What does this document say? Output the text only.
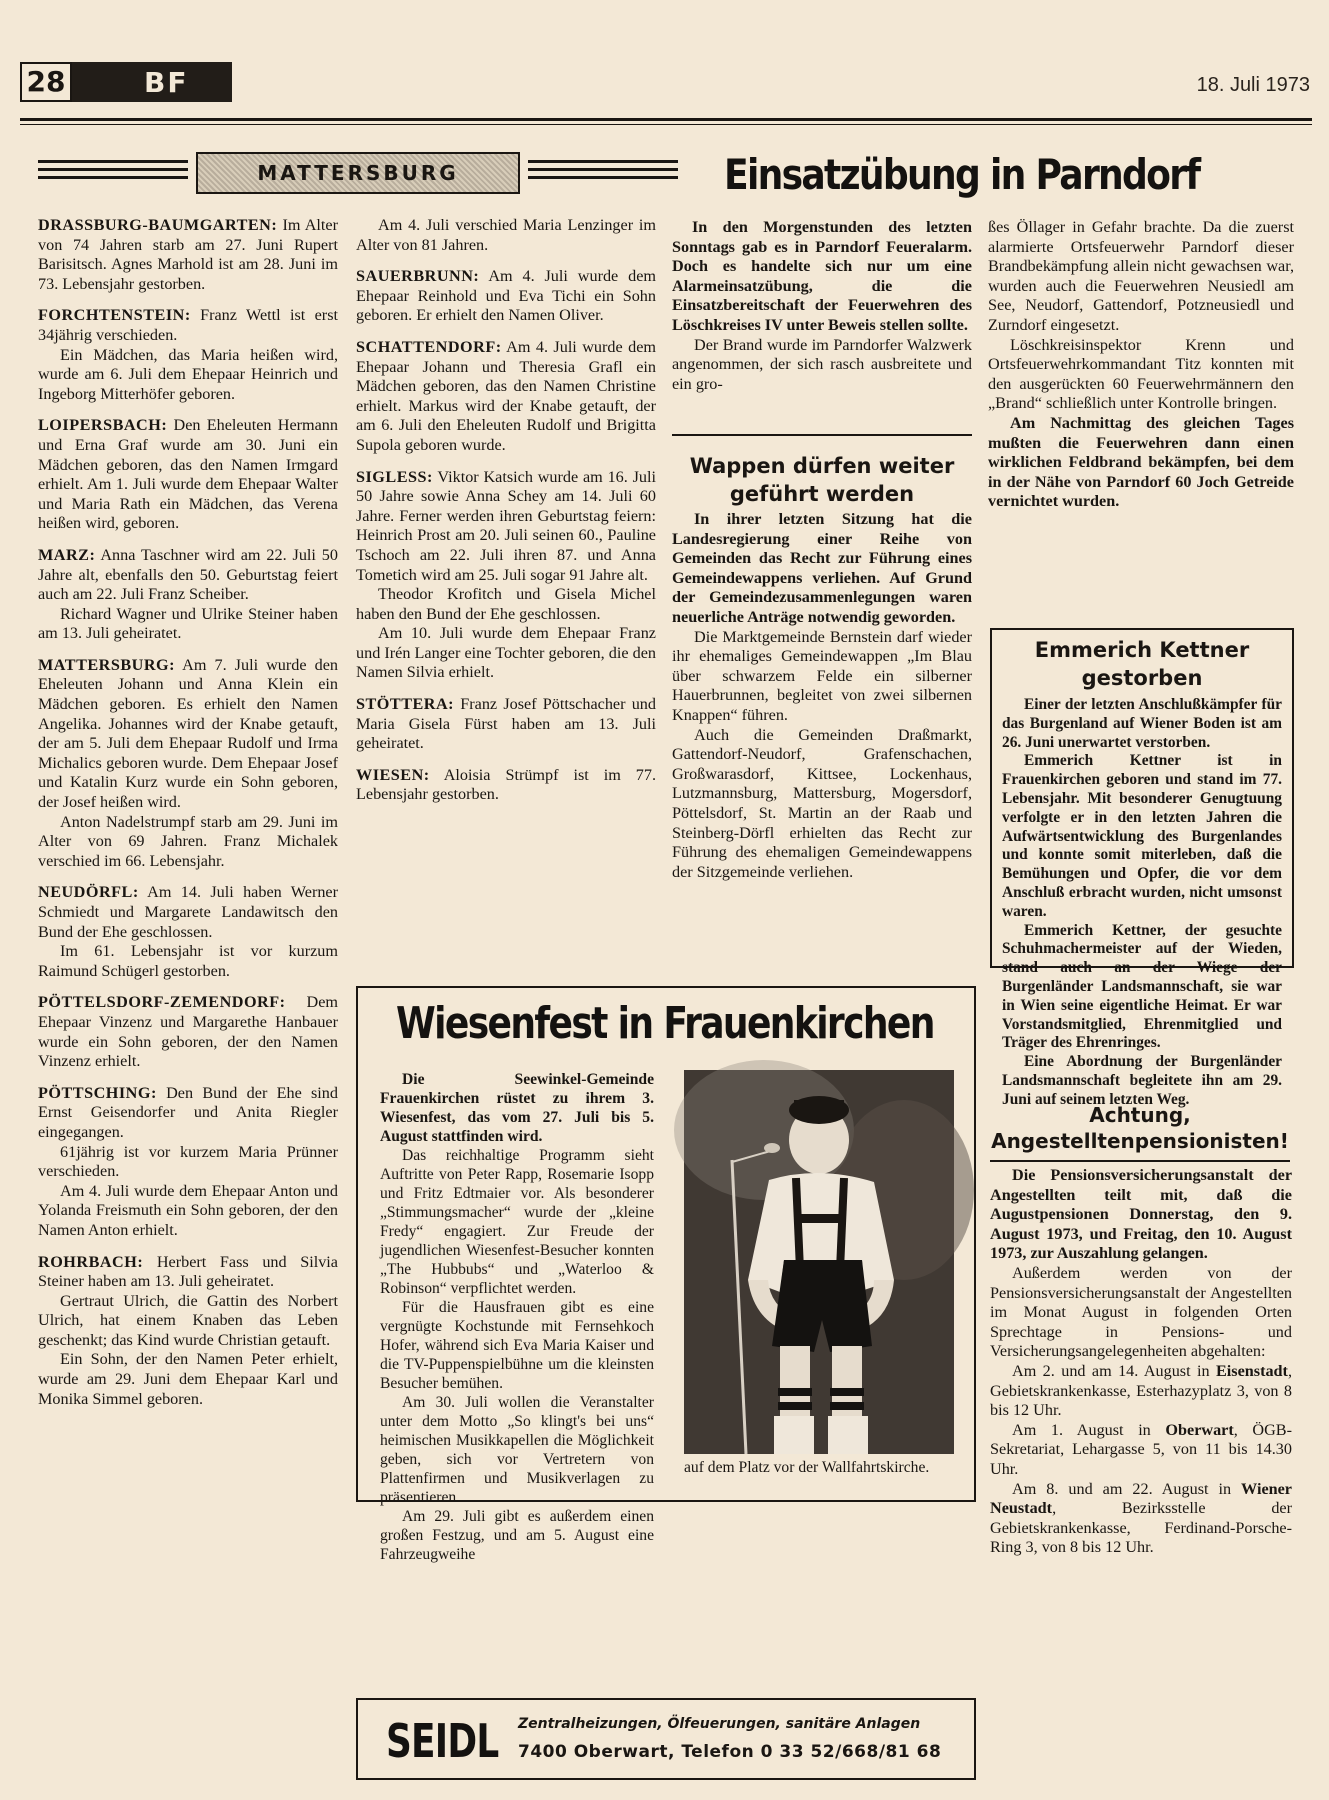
28	BF	18. Juli 1973
MATTERSBURG

DRASSBURG-BAUMGARTEN: Im Alter von 74 Jahren starb am 27. Juni Rupert Barisitsch. Agnes Marhold ist am 28. Juni im 73. Lebensjahr gestorben.

FORCHTENSTEIN: Franz Wettl ist erst 34jährig verschieden.

Ein Mädchen, das Maria heißen wird, wurde am 6. Juli dem Ehepaar Heinrich und Ingeborg Mitterhöfer geboren.

LOIPERSBACH: Den Eheleuten Hermann und Erna Graf wurde am 30. Juni ein Mädchen geboren, das den Namen Irmgard erhielt. Am 1. Juli wurde dem Ehepaar Walter und Maria Rath ein Mädchen, das Verena heißen wird, geboren.

MARZ: Anna Taschner wird am 22. Juli 50 Jahre alt, ebenfalls den 50. Geburtstag feiert auch am 22. Juli Franz Scheiber.

Richard Wagner und Ulrike Steiner haben am 13. Juli geheiratet.

MATTERSBURG: Am 7. Juli wurde den Eheleuten Johann und Anna Klein ein Mädchen geboren. Es erhielt den Namen Angelika. Johannes wird der Knabe getauft, der am 5. Juli dem Ehepaar Rudolf und Irma Michalics geboren wurde. Dem Ehepaar Josef und Katalin Kurz wurde ein Sohn geboren, der Josef heißen wird.

Anton Nadelstrumpf starb am 29. Juni im Alter von 69 Jahren. Franz Michalek verschied im 66. Lebensjahr.

NEUDÖRFL: Am 14. Juli haben Werner Schmiedt und Margarete Landawitsch den Bund der Ehe geschlossen.

Im 61. Lebensjahr ist vor kurzum Raimund Schügerl gestorben.

PÖTTELSDORF-ZEMENDORF: Dem Ehepaar Vinzenz und Margarethe Hanbauer wurde ein Sohn geboren, der den Namen Vinzenz erhielt.

PÖTTSCHING: Den Bund der Ehe sind Ernst Geisendorfer und Anita Riegler eingegangen.

61jährig ist vor kurzem Maria Prünner verschieden.

Am 4. Juli wurde dem Ehepaar Anton und Yolanda Freismuth ein Sohn geboren, der den Namen Anton erhielt.

ROHRBACH: Herbert Fass und Silvia Steiner haben am 13. Juli geheiratet.

Gertraut Ulrich, die Gattin des Norbert Ulrich, hat einem Knaben das Leben geschenkt; das Kind wurde Christian getauft.

Ein Sohn, der den Namen Peter erhielt, wurde am 29. Juni dem Ehepaar Karl und Monika Simmel geboren.

Am 4. Juli verschied Maria Lenzinger im Alter von 81 Jahren.

SAUERBRUNN: Am 4. Juli wurde dem Ehepaar Reinhold und Eva Tichi ein Sohn geboren. Er erhielt den Namen Oliver.

SCHATTENDORF: Am 4. Juli wurde dem Ehepaar Johann und Theresia Grafl ein Mädchen geboren, das den Namen Christine erhielt. Markus wird der Knabe getauft, der am 6. Juli den Eheleuten Rudolf und Brigitta Supola geboren wurde.

SIGLESS: Viktor Katsich wurde am 16. Juli 50 Jahre sowie Anna Schey am 14. Juli 60 Jahre. Ferner werden ihren Geburtstag feiern: Heinrich Prost am 20. Juli seinen 60., Pauline Tschoch am 22. Juli ihren 87. und Anna Tometich wird am 25. Juli sogar 91 Jahre alt.

Theodor Krofitch und Gisela Michel haben den Bund der Ehe geschlossen.

Am 10. Juli wurde dem Ehepaar Franz und Irén Langer eine Tochter geboren, die den Namen Silvia erhielt.

STÖTTERA: Franz Josef Pöttschacher und Maria Gisela Fürst haben am 13. Juli geheiratet.

WIESEN: Aloisia Strümpf ist im 77. Lebensjahr gestorben.

Einsatzübung in Parndorf

In den Morgenstunden des letzten Sonntags gab es in Parndorf Feueralarm. Doch es handelte sich nur um eine Alarmeinsatzübung, die die Einsatzbereitschaft der Feuerwehren des Löschkreises IV unter Beweis stellen sollte.

Der Brand wurde im Parndorfer Walzwerk angenommen, der sich rasch ausbreitete und ein gro-

ßes Öllager in Gefahr brachte. Da die zuerst alarmierte Ortsfeuerwehr Parndorf dieser Brandbekämpfung allein nicht gewachsen war, wurden auch die Feuerwehren Neusiedl am See, Neudorf, Gattendorf, Potzneusiedl und Zurndorf eingesetzt.

Löschkreisinspektor Krenn und Ortsfeuerwehrkommandant Titz konnten mit den ausgerückten 60 Feuerwehrmännern den „Brand“ schließlich unter Kontrolle bringen.

Am Nachmittag des gleichen Tages mußten die Feuerwehren dann einen wirklichen Feldbrand bekämpfen, bei dem in der Nähe von Parndorf 60 Joch Getreide vernichtet wurden.

Wappen dürfen weiter geführt werden

In ihrer letzten Sitzung hat die Landesregierung einer Reihe von Gemeinden das Recht zur Führung eines Gemeindewappens verliehen. Auf Grund der Gemeindezusammenlegungen waren neuerliche Anträge notwendig geworden.

Die Marktgemeinde Bernstein darf wieder ihr ehemaliges Gemeindewappen „Im Blau über schwarzem Felde ein silberner Hauerbrunnen, begleitet von zwei silbernen Knappen“ führen.

Auch die Gemeinden Draßmarkt, Gattendorf-Neudorf, Grafenschachen, Großwarasdorf, Kittsee, Lockenhaus, Lutzmannsburg, Mattersburg, Mogersdorf, Pöttelsdorf, St. Martin an der Raab und Steinberg-Dörfl erhielten das Recht zur Führung des ehemaligen Gemeindewappens der Sitzgemeinde verliehen.

Emmerich Kettner gestorben

Einer der letzten Anschlußkämpfer für das Burgenland auf Wiener Boden ist am 26. Juni unerwartet verstorben.

Emmerich Kettner ist in Frauenkirchen geboren und stand im 77. Lebensjahr. Mit besonderer Genugtuung verfolgte er in den letzten Jahren die Aufwärtsentwicklung des Burgenlandes und konnte somit miterleben, daß die Bemühungen und Opfer, die vor dem Anschluß erbracht wurden, nicht umsonst waren.

Emmerich Kettner, der gesuchte Schuhmachermeister auf der Wieden, stand auch an der Wiege der Burgenländer Landsmannschaft, sie war in Wien seine eigentliche Heimat. Er war Vorstandsmitglied, Ehrenmitglied und Träger des Ehrenringes.

Eine Abordnung der Burgenländer Landsmannschaft begleitete ihn am 29. Juni auf seinem letzten Weg.

Achtung,
Angestelltenpensionisten!

Die Pensionsversicherungsanstalt der Angestellten teilt mit, daß die Augustpensionen Donnerstag, den 9. August 1973, und Freitag, den 10. August 1973, zur Auszahlung gelangen.

Außerdem werden von der Pensionsversicherungsanstalt der Angestellten im Monat August in folgenden Orten Sprechtage in Pensions- und Versicherungsangelegenheiten abgehalten:

Am 2. und am 14. August in Eisenstadt, Gebietskrankenkasse, Esterhazyplatz 3, von 8 bis 12 Uhr.

Am 1. August in Oberwart, ÖGB-Sekretariat, Lehargasse 5, von 11 bis 14.30 Uhr.

Am 8. und am 22. August in Wiener Neustadt, Bezirksstelle der Gebietskrankenkasse, Ferdinand-Porsche-Ring 3, von 8 bis 12 Uhr.

Wiesenfest in Frauenkirchen

Die Seewinkel-Gemeinde Frauenkirchen rüstet zu ihrem 3. Wiesenfest, das vom 27. Juli bis 5. August stattfinden wird.

Das reichhaltige Programm sieht Auftritte von Peter Rapp, Rosemarie Isopp und Fritz Edtmaier vor. Als besonderer „Stimmungsmacher“ wurde der „kleine Fredy“ engagiert. Zur Freude der jugendlichen Wiesenfest-Besucher konnten „The Hubbubs“ und „Waterloo & Robinson“ verpflichtet werden.

Für die Hausfrauen gibt es eine vergnügte Kochstunde mit Fernsehkoch Hofer, während sich Eva Maria Kaiser und die TV-Puppenspielbühne um die kleinsten Besucher bemühen.

Am 30. Juli wollen die Veranstalter unter dem Motto „So klingt's bei uns“ heimischen Musikkapellen die Möglichkeit geben, sich vor Vertretern von Plattenfirmen und Musikverlagen zu präsentieren.

Am 29. Juli gibt es außerdem einen großen Festzug, und am 5. August eine Fahrzeugweihe

auf dem Platz vor der Wallfahrtskirche.
SEIDL Zentralheizungen, Ölfeuerungen, sanitäre Anlagen
7400 Oberwart, Telefon 0 33 52/668/81 68
